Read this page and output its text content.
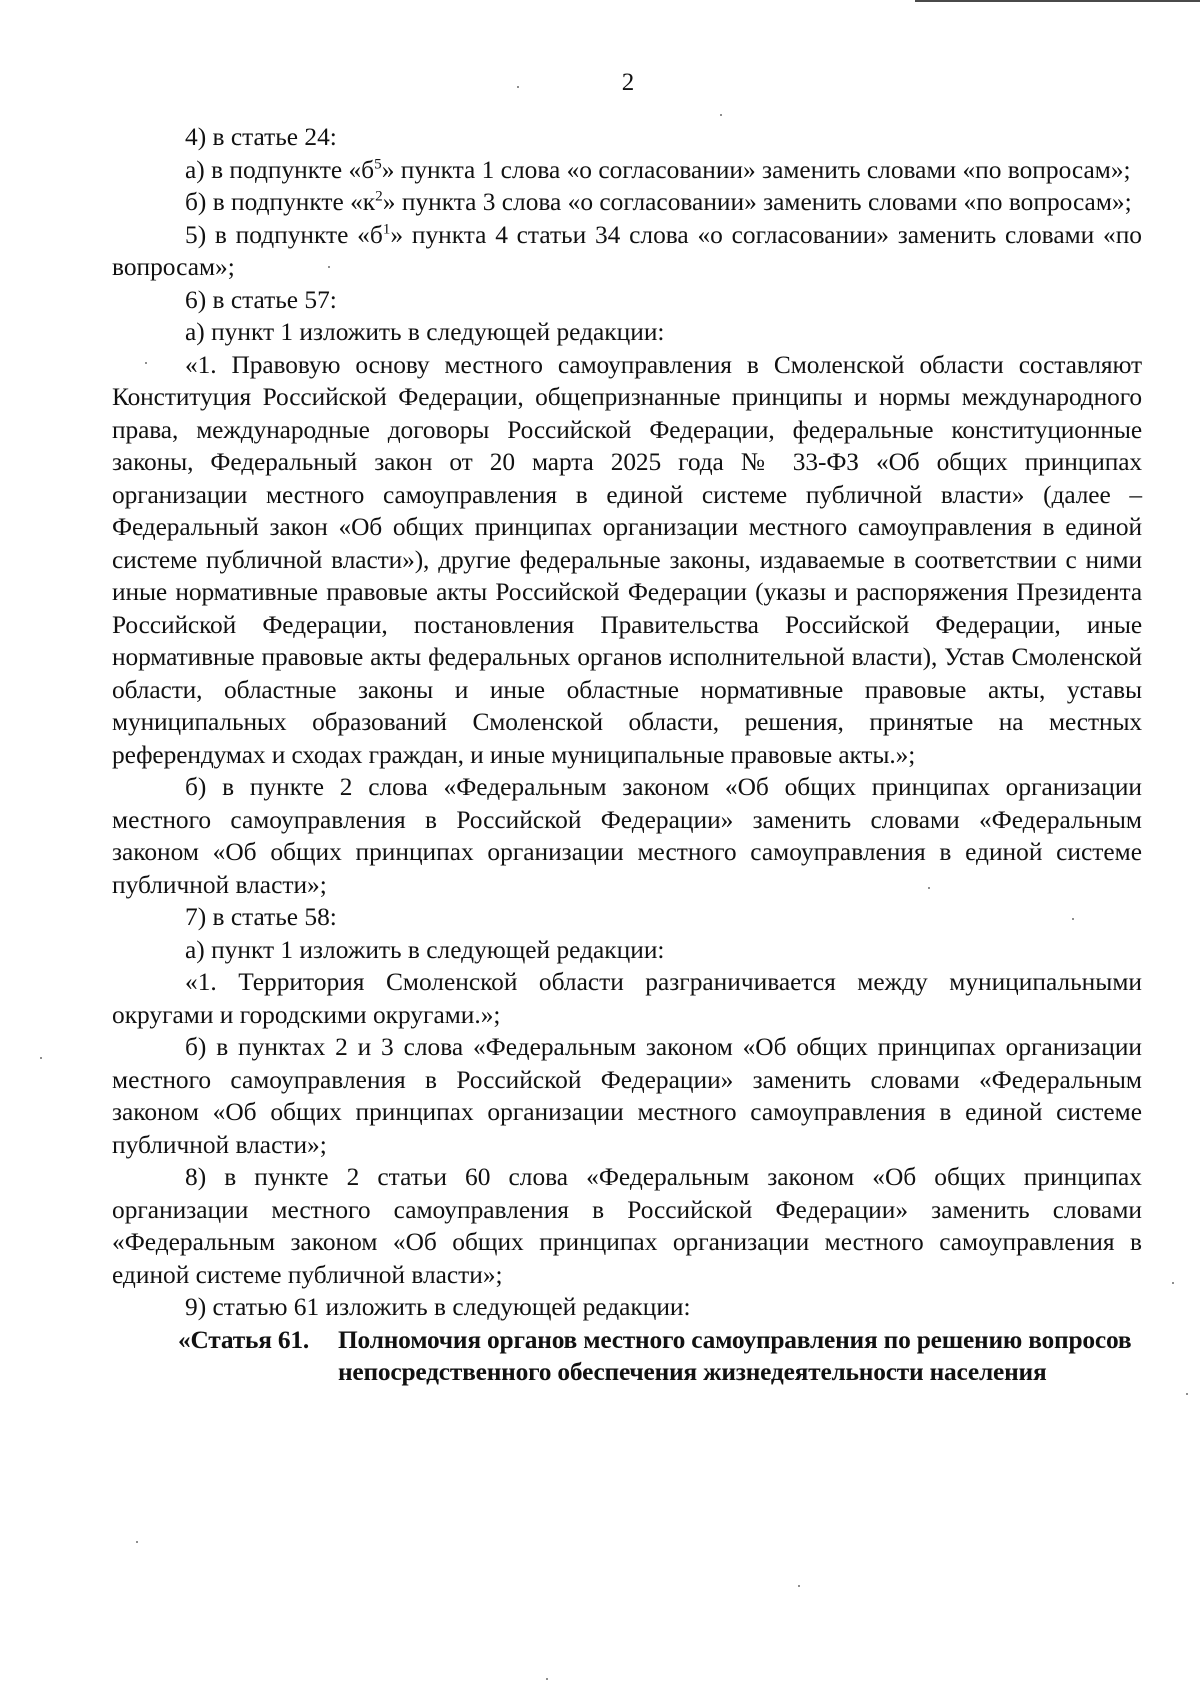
2

4) в статье 24:

а) в подпункте «$б^5$» пункта 1 слова «о согласовании» заменить словами «по вопросам»;

б) в подпункте «$к^2$» пункта 3 слова «о согласовании» заменить словами «по вопросам»;

5) в подпункте «$б^1$» пункта 4 статьи 34 слова «о согласовании» заменить словами «по вопросам»;

6) в статье 57:

а) пункт 1 изложить в следующей редакции:

«1. Правовую основу местного самоуправления в Смоленской области составляют Конституция Российской Федерации, общепризнанные принципы и нормы международного права, международные договоры Российской Федерации, федеральные конституционные законы, Федеральный закон от 20 марта 2025 года № 33-ФЗ «Об общих принципах организации местного самоуправления в единой системе публичной власти» (далее – Федеральный закон «Об общих принципах организации местного самоуправления в единой системе публичной власти»), другие федеральные законы, издаваемые в соответствии с ними иные нормативные правовые акты Российской Федерации (указы и распоряжения Президента Российской Федерации, постановления Правительства Российской Федерации, иные нормативные правовые акты федеральных органов исполнительной власти), Устав Смоленской области, областные законы и иные областные нормативные правовые акты, уставы муниципальных образований Смоленской области, решения, принятые на местных референдумах и сходах граждан, и иные муниципальные правовые акты.»;

б) в пункте 2 слова «Федеральным законом «Об общих принципах организации местного самоуправления в Российской Федерации» заменить словами «Федеральным законом «Об общих принципах организации местного самоуправления в единой системе публичной власти»;

7) в статье 58:

а) пункт 1 изложить в следующей редакции:

«1. Территория Смоленской области разграничивается между муниципальными округами и городскими округами.»;

б) в пунктах 2 и 3 слова «Федеральным законом «Об общих принципах организации местного самоуправления в Российской Федерации» заменить словами «Федеральным законом «Об общих принципах организации местного самоуправления в единой системе публичной власти»;

8) в пункте 2 статьи 60 слова «Федеральным законом «Об общих принципах организации местного самоуправления в Российской Федерации» заменить словами «Федеральным законом «Об общих принципах организации местного самоуправления в единой системе публичной власти»;

9) статью 61 изложить в следующей редакции:

«Статья 61. Полномочия органов местного самоуправления по решению вопросов непосредственного обеспечения жизнедеятельности населения
